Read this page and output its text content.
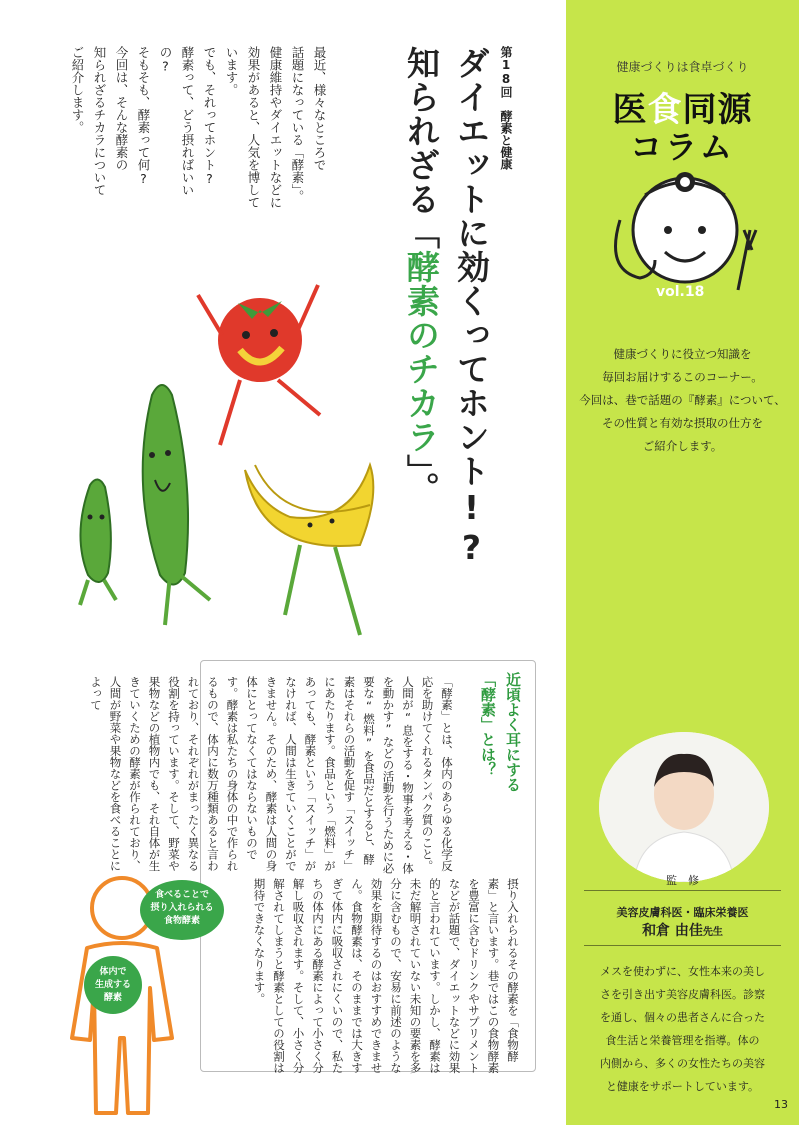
第18回　酵素と健康
ダイエットに効くってホント!?
知られざる「酵素のチカラ」。
最近、様々なところで
話題になっている「酵素」。
健康維持やダイエットなどに
効果があると、人気を博しています。
でも、それってホント?
酵素って、どう摂ればいいの?
そもそも、酵素って何?
今回は、そんな酵素の
知られざるチカラについて
ご紹介します。
近頃よく耳にする
「酵素」とは？
「酵素」とは、体内のあらゆる化学反応を助けてくれるタンパク質のこと。人間が“息をする・物事を考える・体を動かす”などの活動を行うために必要な“燃料”を食品だとすると、酵素はそれらの活動を促す「スイッチ」にあたります。食品という「燃料」があっても、酵素という「スイッチ」がなければ、人間は生きていくことができません。そのため、酵素は人間の身体にとってなくてはならないものです。酵素は私たちの身体の中で作られるもので、体内に数万種類あると言われており、それぞれがまったく異なる役割を持っています。そして、野菜や果物などの植物内でも、それ自体が生きていくための酵素が作られており、人間が野菜や果物などを食べることによって
摂り入れられるその酵素を「食物酵素」と言います。巷ではこの食物酵素を豊富に含むドリンクやサプリメントなどが話題で、ダイエットなどに効果的と言われています。しかし、酵素は未だ解明されていない未知の要素を多分に含むもので、安易に前述のような効果を期待するのはおすすめできません。食物酵素は、そのままでは大きすぎて体内に吸収されにくいので、私たちの体内にある酵素によって小さく分解し吸収されます。そして、小さく分解されてしまうと酵素としての役割は期待できなくなります。
食べることで
摂り入れられる
食物酵素
体内で
生成する
酵素
健康づくりは食卓づくり
医食同源
コラム
vol.18
健康づくりに役立つ知識を
毎回お届けするこのコーナー。
今回は、巷で話題の『酵素』について、
その性質と有効な摂取の仕方を
ご紹介します。
監　修
美容皮膚科医・臨床栄養医
和倉 由佳先生
メスを使わずに、女性本来の美し
さを引き出す美容皮膚科医。診察
を通し、個々の患者さんに合った
食生活と栄養管理を指導。体の
内側から、多くの女性たちの美容
と健康をサポートしています。
13
